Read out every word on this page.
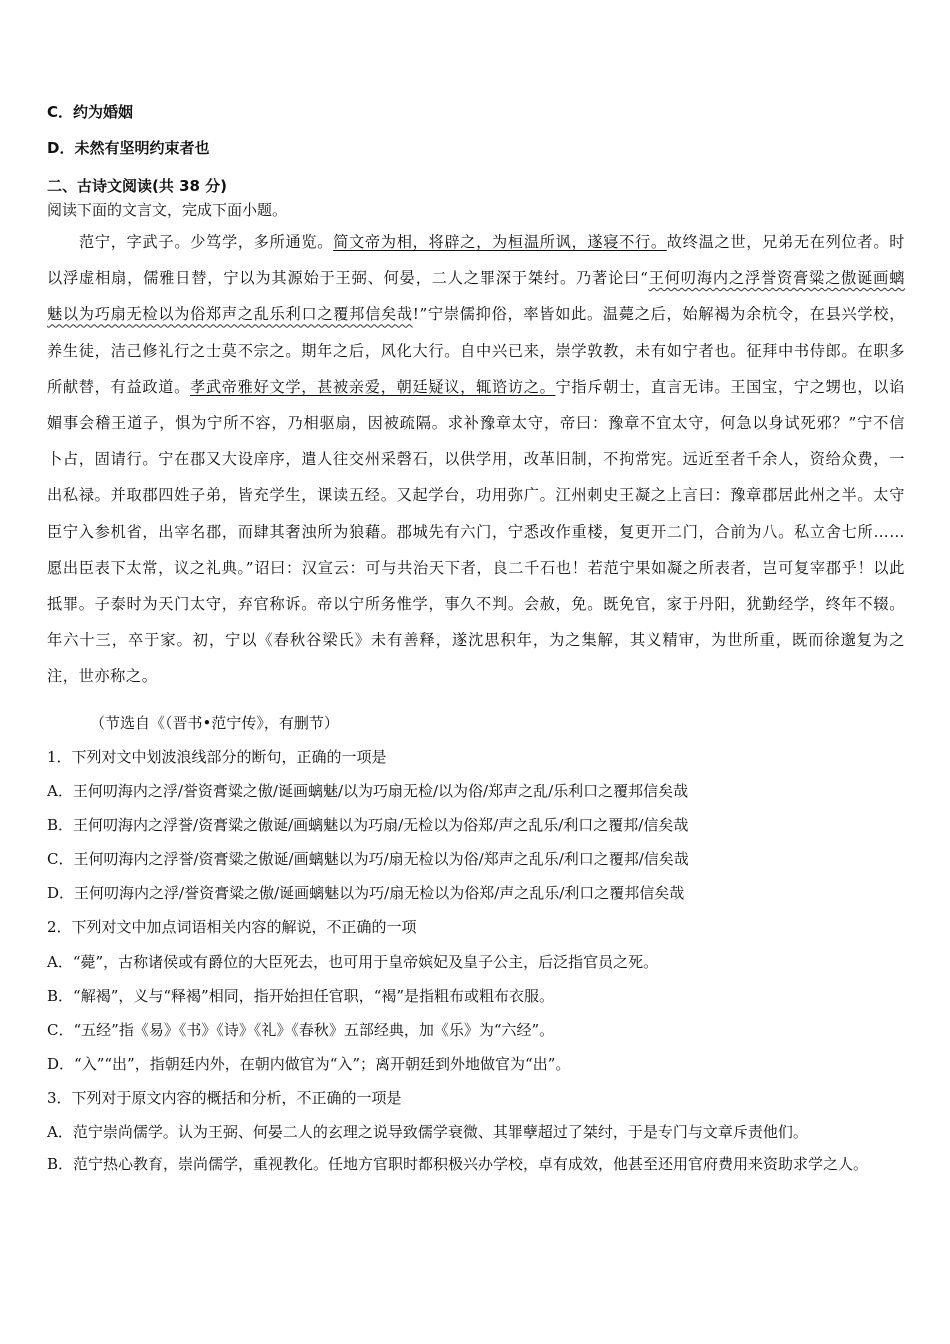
C．约为婚姻
D．未然有坚明约束者也
二、古诗文阅读(共 38 分)
阅读下面的文言文，完成下面小题。

范宁，字武子。少笃学，多所通览。简文帝为相，将辟之，为桓温所讽，遂寝不行。故终温之世，兄弟无在列位者。时以浮虚相扇，儒雅日替，宁以为其源始于王弼、何晏，二人之罪深于桀纣。乃著论曰“王何叨海内之浮誉资膏粱之傲诞画螭魅以为巧扇无检以为俗郑声之乱乐利口之覆邦信矣哉!”宁崇儒抑俗，率皆如此。温薨之后，始解褐为余杭令，在县兴学校，养生徒，洁己修礼行之士莫不宗之。期年之后，风化大行。自中兴已来，崇学敦教，未有如宁者也。征拜中书侍郎。在职多所献替，有益政道。孝武帝雅好文学，甚被亲爱，朝廷疑议，辄谘访之。宁指斥朝士，直言无讳。王国宝，宁之甥也，以谄媚事会稽王道子，惧为宁所不容，乃相驱扇，因被疏隔。求补豫章太守，帝曰：豫章不宜太守，何急以身试死邪？”宁不信卜占，固请行。宁在郡又大设庠序，遣人往交州采磬石，以供学用，改革旧制，不拘常宪。远近至者千余人，资给众费，一出私禄。并取郡四姓子弟，皆充学生，课读五经。又起学台，功用弥广。江州刺史王凝之上言曰：豫章郡居此州之半。太守臣宁入参机省，出宰名郡，而肆其奢浊所为狼藉。郡城先有六门，宁悉改作重楼，复更开二门，合前为八。私立舍七所……愿出臣表下太常，议之礼典。”诏曰：汉宣云：可与共治天下者，良二千石也！若范宁果如凝之所表者，岂可复宰郡乎！以此抵罪。子泰时为天门太守，弃官称诉。帝以宁所务惟学，事久不判。会赦，免。既免官，家于丹阳，犹勤经学，终年不辍。年六十三，卒于家。初，宁以《春秋谷梁氏》未有善释，遂沈思积年，为之集解，其义精审，为世所重，既而徐邈复为之注，世亦称之。

（节选自《（晋书•范宁传》，有删节）
1．下列对文中划波浪线部分的断句，正确的一项是
A．王何叨海内之浮/誉资膏粱之傲/诞画螭魅/以为巧扇无检/以为俗/郑声之乱/乐利口之覆邦信矣哉
B．王何叨海内之浮誉/资膏粱之傲诞/画螭魅以为巧扇/无检以为俗郑/声之乱乐/利口之覆邦/信矣哉
C．王何叨海内之浮誉/资膏粱之傲诞/画螭魅以为巧/扇无检以为俗/郑声之乱乐/利口之覆邦/信矣哉
D．王何叨海内之浮/誉资膏粱之傲/诞画螭魅以为巧/扇无检以为俗郑/声之乱乐/利口之覆邦信矣哉
2．下列对文中加点词语相关内容的解说，不正确的一项
A．“薨”，古称诸侯或有爵位的大臣死去，也可用于皇帝嫔妃及皇子公主，后泛指官员之死。
B．“解褐”，义与“释褐”相同，指开始担任官职，“褐”是指粗布或粗布衣服。
C．“五经”指《易》《书》《诗》《礼》《春秋》五部经典，加《乐》为“六经”。
D．“入”“出”，指朝廷内外，在朝内做官为“入”；离开朝廷到外地做官为“出”。
3．下列对于原文内容的概括和分析，不正确的一项是
A．范宁崇尚儒学。认为王弼、何晏二人的玄理之说导致儒学衰微、其罪孽超过了桀纣，于是专门与文章斥责他们。

B．范宁热心教育，崇尚儒学，重视教化。任地方官职时都积极兴办学校，卓有成效，他甚至还用官府费用来资助求学之人。
